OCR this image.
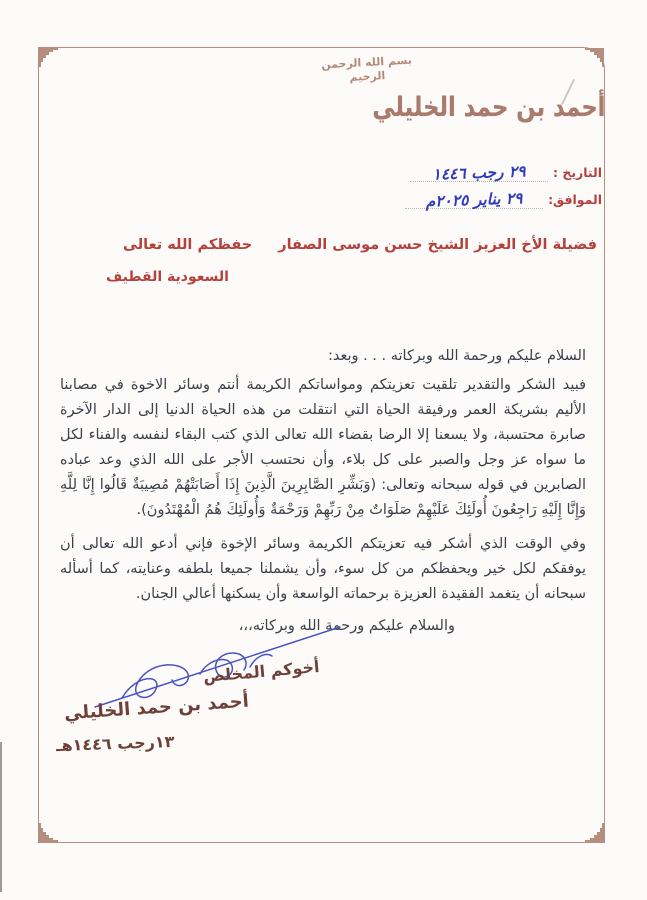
بسم الله الرحمن الرحيم
أحمد بن حمد الخليلي
التاريخ :
٢٩ رجب ١٤٤٦
الموافق:
٢٩ يناير ٢٠٢٥م
فضيلة الأخ العزيز الشيخ حسن موسى الصفارحفظكم الله تعالى
السعودية القطيف
السلام عليكم ورحمة الله وبركاته . . . وبعد:
فبيد الشكر والتقدير تلقيت تعزيتكم ومواساتكم الكريمة أنتم وسائر الاخوة في مصابنا الأليم بشريكة العمر ورفيقة الحياة التي انتقلت من هذه الحياة الدنيا إلى الدار الآخرة صابرة محتسبة، ولا يسعنا إلا الرضا بقضاء الله تعالى الذي كتب البقاء لنفسه والفناء لكل ما سواه عز وجل والصبر على كل بلاء، وأن نحتسب الأجر على الله الذي وعد عباده الصابرين في قوله سبحانه وتعالى: (وَبَشِّرِ الصَّابِرِينَ الَّذِينَ إِذَا أَصَابَتْهُمْ مُصِيبَةٌ قَالُوا إِنَّا لِلَّهِ وَإِنَّا إِلَيْهِ رَاجِعُونَ أُولَئِكَ عَلَيْهِمْ صَلَوَاتٌ مِنْ رَبِّهِمْ وَرَحْمَةٌ وَأُولَئِكَ هُمُ الْمُهْتَدُونَ).
وفي الوقت الذي أشكر فيه تعزيتكم الكريمة وسائر الإخوة فإني أدعو الله تعالى أن يوفقكم لكل خير ويحفظكم من كل سوء، وأن يشملنا جميعا بلطفه وعنايته، كما أسأله سبحانه أن يتغمد الفقيدة العزيزة برحماته الواسعة وأن يسكنها أعالي الجنان.
والسلام عليكم ورحمة الله وبركاته،،،
أخوكم المخلص
أحمد بن حمد الخليلي
١٣رجب ١٤٤٦هـ
